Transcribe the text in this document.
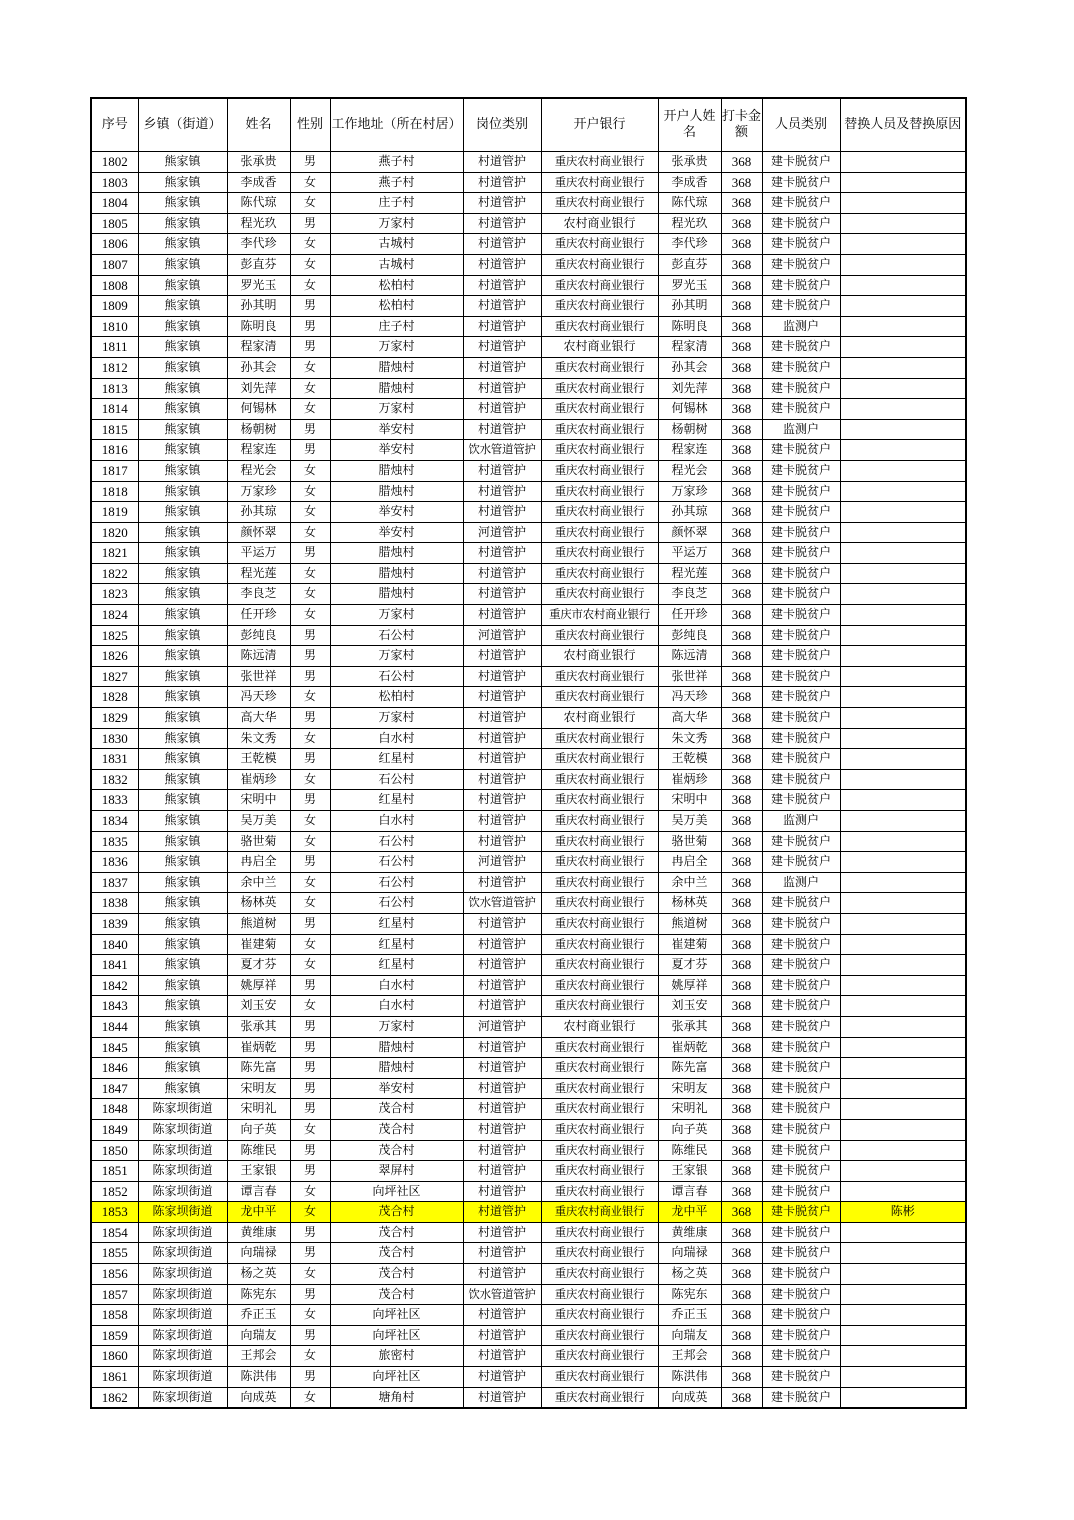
序号	乡镇（街道）	姓名	性别	工作地址（所在村居）	岗位类别	开户银行	开户人姓名	打卡金额	人员类别	替换人员及替换原因
1802	熊家镇	张承贵	男	燕子村	村道管护	重庆农村商业银行	张承贵	368	建卡脱贫户	
1803	熊家镇	李成香	女	燕子村	村道管护	重庆农村商业银行	李成香	368	建卡脱贫户	
1804	熊家镇	陈代琼	女	庄子村	村道管护	重庆农村商业银行	陈代琼	368	建卡脱贫户	
1805	熊家镇	程光玖	男	万家村	村道管护	农村商业银行	程光玖	368	建卡脱贫户	
1806	熊家镇	李代珍	女	古城村	村道管护	重庆农村商业银行	李代珍	368	建卡脱贫户	
1807	熊家镇	彭直芬	女	古城村	村道管护	重庆农村商业银行	彭直芬	368	建卡脱贫户	
1808	熊家镇	罗光玉	女	松柏村	村道管护	重庆农村商业银行	罗光玉	368	建卡脱贫户	
1809	熊家镇	孙其明	男	松柏村	村道管护	重庆农村商业银行	孙其明	368	建卡脱贫户	
1810	熊家镇	陈明良	男	庄子村	村道管护	重庆农村商业银行	陈明良	368	监测户	
1811	熊家镇	程家清	男	万家村	村道管护	农村商业银行	程家清	368	建卡脱贫户	
1812	熊家镇	孙其会	女	腊烛村	村道管护	重庆农村商业银行	孙其会	368	建卡脱贫户	
1813	熊家镇	刘先萍	女	腊烛村	村道管护	重庆农村商业银行	刘先萍	368	建卡脱贫户	
1814	熊家镇	何锡林	女	万家村	村道管护	重庆农村商业银行	何锡林	368	建卡脱贫户	
1815	熊家镇	杨朝树	男	举安村	村道管护	重庆农村商业银行	杨朝树	368	监测户	
1816	熊家镇	程家连	男	举安村	饮水管道管护	重庆农村商业银行	程家连	368	建卡脱贫户	
1817	熊家镇	程光会	女	腊烛村	村道管护	重庆农村商业银行	程光会	368	建卡脱贫户	
1818	熊家镇	万家珍	女	腊烛村	村道管护	重庆农村商业银行	万家珍	368	建卡脱贫户	
1819	熊家镇	孙其琼	女	举安村	村道管护	重庆农村商业银行	孙其琼	368	建卡脱贫户	
1820	熊家镇	颜怀翠	女	举安村	河道管护	重庆农村商业银行	颜怀翠	368	建卡脱贫户	
1821	熊家镇	平运万	男	腊烛村	村道管护	重庆农村商业银行	平运万	368	建卡脱贫户	
1822	熊家镇	程光莲	女	腊烛村	村道管护	重庆农村商业银行	程光莲	368	建卡脱贫户	
1823	熊家镇	李良芝	女	腊烛村	村道管护	重庆农村商业银行	李良芝	368	建卡脱贫户	
1824	熊家镇	任开珍	女	万家村	村道管护	重庆市农村商业银行	任开珍	368	建卡脱贫户	
1825	熊家镇	彭纯良	男	石公村	河道管护	重庆农村商业银行	彭纯良	368	建卡脱贫户	
1826	熊家镇	陈远清	男	万家村	村道管护	农村商业银行	陈远清	368	建卡脱贫户	
1827	熊家镇	张世祥	男	石公村	村道管护	重庆农村商业银行	张世祥	368	建卡脱贫户	
1828	熊家镇	冯天珍	女	松柏村	村道管护	重庆农村商业银行	冯天珍	368	建卡脱贫户	
1829	熊家镇	高大华	男	万家村	村道管护	农村商业银行	高大华	368	建卡脱贫户	
1830	熊家镇	朱文秀	女	白水村	村道管护	重庆农村商业银行	朱文秀	368	建卡脱贫户	
1831	熊家镇	王乾模	男	红星村	村道管护	重庆农村商业银行	王乾模	368	建卡脱贫户	
1832	熊家镇	崔炳珍	女	石公村	村道管护	重庆农村商业银行	崔炳珍	368	建卡脱贫户	
1833	熊家镇	宋明中	男	红星村	村道管护	重庆农村商业银行	宋明中	368	建卡脱贫户	
1834	熊家镇	吴万美	女	白水村	村道管护	重庆农村商业银行	吴万美	368	监测户	
1835	熊家镇	骆世菊	女	石公村	村道管护	重庆农村商业银行	骆世菊	368	建卡脱贫户	
1836	熊家镇	冉启全	男	石公村	河道管护	重庆农村商业银行	冉启全	368	建卡脱贫户	
1837	熊家镇	余中兰	女	石公村	村道管护	重庆农村商业银行	余中兰	368	监测户	
1838	熊家镇	杨林英	女	石公村	饮水管道管护	重庆农村商业银行	杨林英	368	建卡脱贫户	
1839	熊家镇	熊道树	男	红星村	村道管护	重庆农村商业银行	熊道树	368	建卡脱贫户	
1840	熊家镇	崔建菊	女	红星村	村道管护	重庆农村商业银行	崔建菊	368	建卡脱贫户	
1841	熊家镇	夏才芬	女	红星村	村道管护	重庆农村商业银行	夏才芬	368	建卡脱贫户	
1842	熊家镇	姚厚祥	男	白水村	村道管护	重庆农村商业银行	姚厚祥	368	建卡脱贫户	
1843	熊家镇	刘玉安	女	白水村	村道管护	重庆农村商业银行	刘玉安	368	建卡脱贫户	
1844	熊家镇	张承其	男	万家村	河道管护	农村商业银行	张承其	368	建卡脱贫户	
1845	熊家镇	崔炳乾	男	腊烛村	村道管护	重庆农村商业银行	崔炳乾	368	建卡脱贫户	
1846	熊家镇	陈先富	男	腊烛村	村道管护	重庆农村商业银行	陈先富	368	建卡脱贫户	
1847	熊家镇	宋明友	男	举安村	村道管护	重庆农村商业银行	宋明友	368	建卡脱贫户	
1848	陈家坝街道	宋明礼	男	茂合村	村道管护	重庆农村商业银行	宋明礼	368	建卡脱贫户	
1849	陈家坝街道	向子英	女	茂合村	村道管护	重庆农村商业银行	向子英	368	建卡脱贫户	
1850	陈家坝街道	陈维民	男	茂合村	村道管护	重庆农村商业银行	陈维民	368	建卡脱贫户	
1851	陈家坝街道	王家银	男	翠屏村	村道管护	重庆农村商业银行	王家银	368	建卡脱贫户	
1852	陈家坝街道	谭言春	女	向坪社区	村道管护	重庆农村商业银行	谭言春	368	建卡脱贫户	
1853	陈家坝街道	龙中平	女	茂合村	村道管护	重庆农村商业银行	龙中平	368	建卡脱贫户	陈彬
1854	陈家坝街道	黄维康	男	茂合村	村道管护	重庆农村商业银行	黄维康	368	建卡脱贫户	
1855	陈家坝街道	向瑞禄	男	茂合村	村道管护	重庆农村商业银行	向瑞禄	368	建卡脱贫户	
1856	陈家坝街道	杨之英	女	茂合村	村道管护	重庆农村商业银行	杨之英	368	建卡脱贫户	
1857	陈家坝街道	陈宪东	男	茂合村	饮水管道管护	重庆农村商业银行	陈宪东	368	建卡脱贫户	
1858	陈家坝街道	乔正玉	女	向坪社区	村道管护	重庆农村商业银行	乔正玉	368	建卡脱贫户	
1859	陈家坝街道	向瑞友	男	向坪社区	村道管护	重庆农村商业银行	向瑞友	368	建卡脱贫户	
1860	陈家坝街道	王邦会	女	旅密村	村道管护	重庆农村商业银行	王邦会	368	建卡脱贫户	
1861	陈家坝街道	陈洪伟	男	向坪社区	村道管护	重庆农村商业银行	陈洪伟	368	建卡脱贫户	
1862	陈家坝街道	向成英	女	塘角村	村道管护	重庆农村商业银行	向成英	368	建卡脱贫户	
